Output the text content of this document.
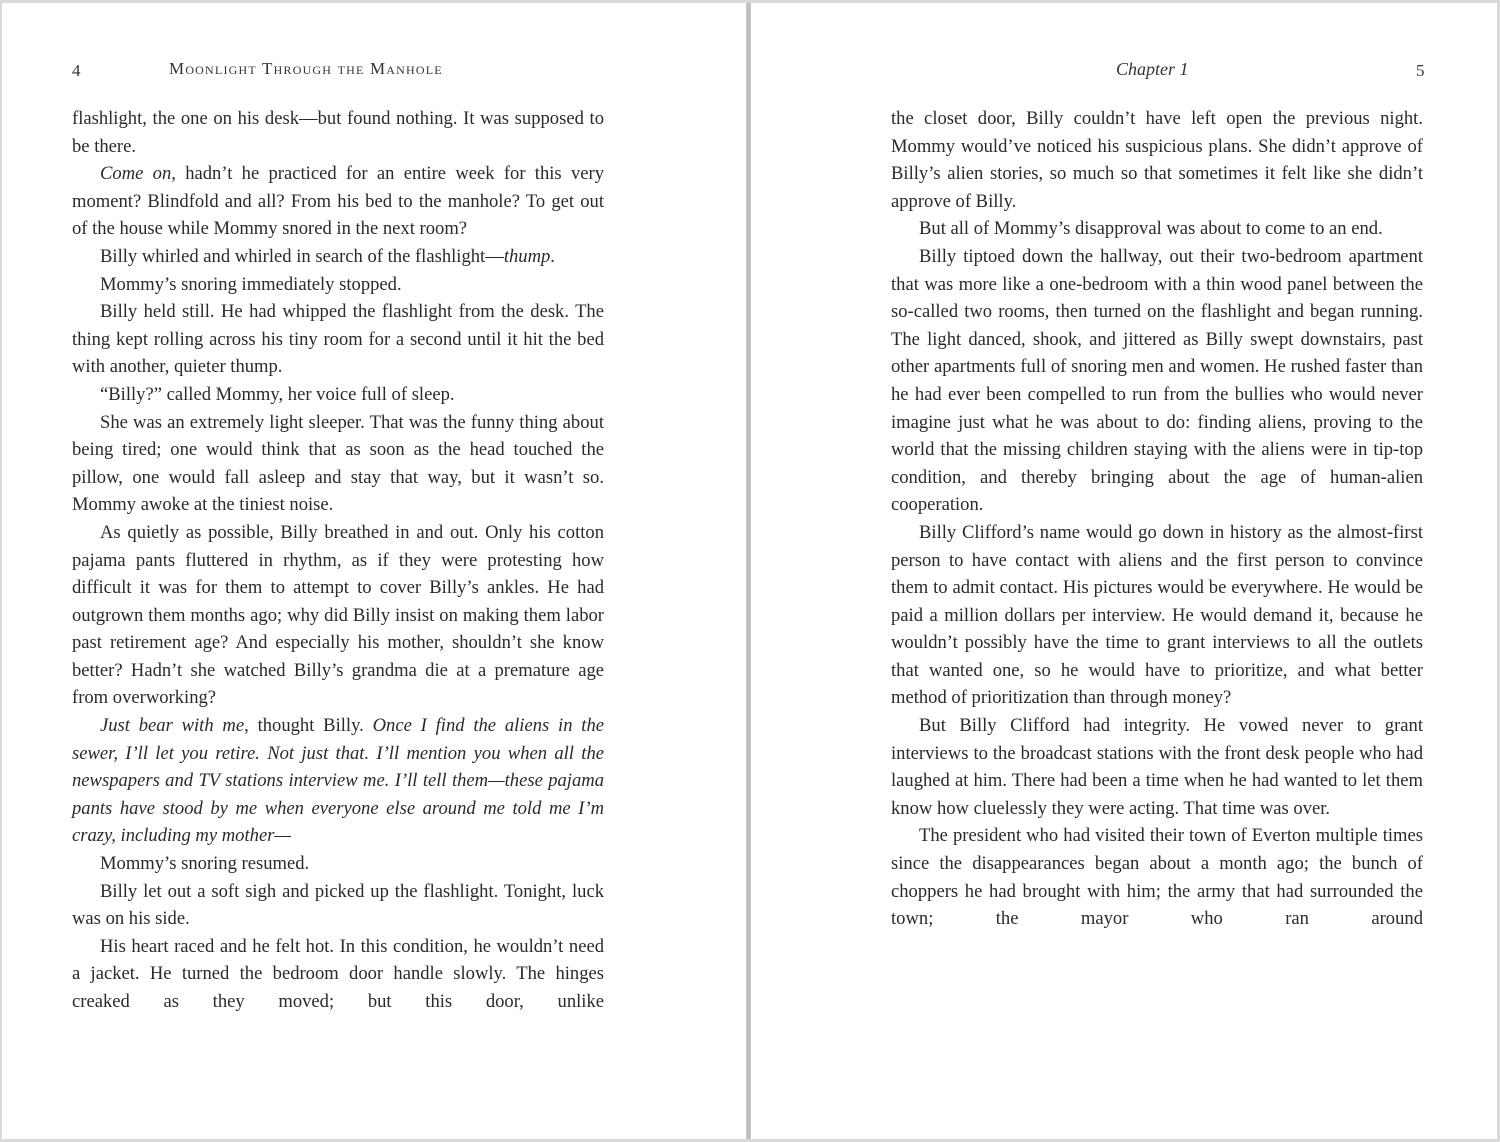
4	Moonlight Through the Manhole

flashlight, the one on his desk—but found nothing. It was supposed to be there.

Come on, hadn’t he practiced for an entire week for this very moment? Blindfold and all? From his bed to the manhole? To get out of the house while Mommy snored in the next room?

Billy whirled and whirled in search of the flashlight—thump.

Mommy’s snoring immediately stopped.

Billy held still. He had whipped the flashlight from the desk. The thing kept rolling across his tiny room for a second until it hit the bed with another, quieter thump.

“Billy?” called Mommy, her voice full of sleep.

She was an extremely light sleeper. That was the funny thing about being tired; one would think that as soon as the head touched the pillow, one would fall asleep and stay that way, but it wasn’t so. Mommy awoke at the tiniest noise.

As quietly as possible, Billy breathed in and out. Only his cotton pajama pants fluttered in rhythm, as if they were protesting how difficult it was for them to attempt to cover Billy’s ankles. He had outgrown them months ago; why did Billy insist on making them labor past retirement age? And especially his mother, shouldn’t she know better? Hadn’t she watched Billy’s grandma die at a premature age from overworking?

Just bear with me, thought Billy. Once I find the aliens in the sewer, I’ll let you retire. Not just that. I’ll mention you when all the newspapers and TV stations interview me. I’ll tell them—these pajama pants have stood by me when everyone else around me told me I’m crazy, including my mother—

Mommy’s snoring resumed.

Billy let out a soft sigh and picked up the flashlight. Tonight, luck was on his side.

His heart raced and he felt hot. In this condition, he wouldn’t need a jacket. He turned the bedroom door handle slowly. The hinges creaked as they moved; but this door, unlike

Chapter 1	5

the closet door, Billy couldn’t have left open the previous night. Mommy would’ve noticed his suspicious plans. She didn’t approve of Billy’s alien stories, so much so that sometimes it felt like she didn’t approve of Billy.

But all of Mommy’s disapproval was about to come to an end.

Billy tiptoed down the hallway, out their two-bedroom apartment that was more like a one-bedroom with a thin wood panel between the so-called two rooms, then turned on the flashlight and began running. The light danced, shook, and jittered as Billy swept downstairs, past other apartments full of snoring men and women. He rushed faster than he had ever been compelled to run from the bullies who would never imagine just what he was about to do: finding aliens, proving to the world that the missing children staying with the aliens were in tip-top condition, and thereby bringing about the age of human-alien cooperation.

Billy Clifford’s name would go down in history as the almost-first person to have contact with aliens and the first person to convince them to admit contact. His pictures would be everywhere. He would be paid a million dollars per interview. He would demand it, because he wouldn’t possibly have the time to grant interviews to all the outlets that wanted one, so he would have to prioritize, and what better method of prioritization than through money?

But Billy Clifford had integrity. He vowed never to grant interviews to the broadcast stations with the front desk people who had laughed at him. There had been a time when he had wanted to let them know how cluelessly they were acting. That time was over.

The president who had visited their town of Everton multiple times since the disappearances began about a month ago; the bunch of choppers he had brought with him; the army that had surrounded the town; the mayor who ran around
